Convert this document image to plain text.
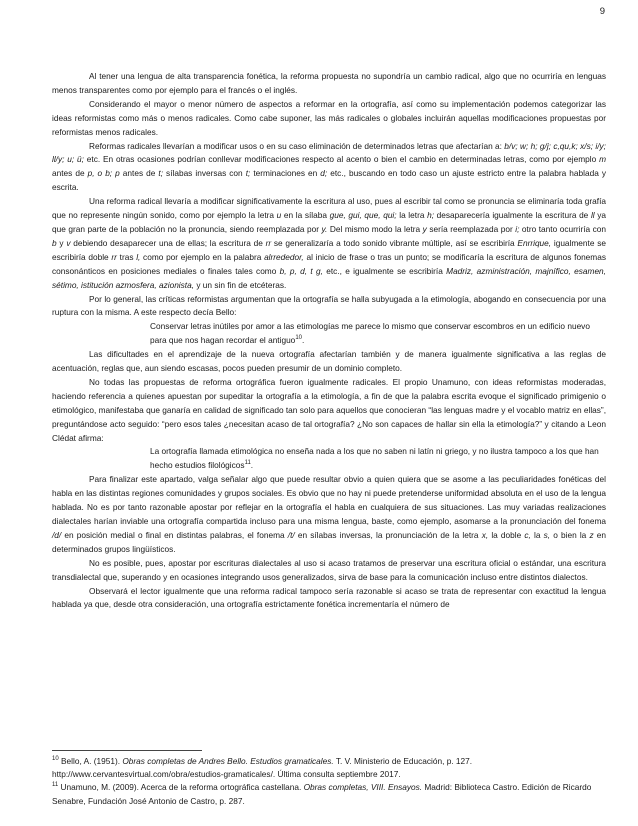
9

Al tener una lengua de alta transparencia fonética, la reforma propuesta no supondría un cambio radical, algo que no ocurriría en lenguas menos transparentes como por ejemplo para el francés o el inglés.

Considerando el mayor o menor número de aspectos a reformar en la ortografía, así como su implementación podemos categorizar las ideas reformistas como más o menos radicales. Como cabe suponer, las más radicales o globales incluirán aquellas modificaciones propuestas por reformistas menos radicales.

Reformas radicales llevarían a modificar usos o en su caso eliminación de determinados letras que afectarían a: b/v; w; h; g/j; c,qu,k; x/s; i/y; ll/y; u; ü; etc. En otras ocasiones podrían conllevar modificaciones respecto al acento o bien el cambio en determinadas letras, como por ejemplo m antes de p, o b; p antes de t; sílabas inversas con t; terminaciones en d; etc., buscando en todo caso un ajuste estricto entre la palabra hablada y escrita.

Una reforma radical llevaría a modificar significativamente la escritura al uso, pues al escribir tal como se pronuncia se eliminaría toda grafía que no represente ningún sonido, como por ejemplo la letra u en la sílaba gue, gui, que, qui; la letra h; desaparecería igualmente la escritura de ll ya que gran parte de la población no la pronuncia, siendo reemplazada por y. Del mismo modo la letra y sería reemplazada por i; otro tanto ocurriría con b y v debiendo desaparecer una de ellas; la escritura de rr se generalizaría a todo sonido vibrante múltiple, así se escribiría Enrrique, igualmente se escribiría doble rr tras l, como por ejemplo en la palabra alrrededor, al inicio de frase o tras un punto; se modificaría la escritura de algunos fonemas consonánticos en posiciones mediales o finales tales como b, p, d, t g, etc., e igualmente se escribiría Madriz, azministración, majnífico, esamen, sétimo, istitución azmosfera, azionista, y un sin fin de etcéteras.

Por lo general, las críticas reformistas argumentan que la ortografía se halla subyugada a la etimología, abogando en consecuencia por una ruptura con la misma. A este respecto decía Bello:

Conservar letras inútiles por amor a las etimologías me parece lo mismo que conservar escombros en un edificio nuevo para que nos hagan recordar el antiguo$^{10}$.

Las dificultades en el aprendizaje de la nueva ortografía afectarían también y de manera igualmente significativa a las reglas de acentuación, reglas que, aun siendo escasas, pocos pueden presumir de un dominio completo.

No todas las propuestas de reforma ortográfica fueron igualmente radicales. El propio Unamuno, con ideas reformistas moderadas, haciendo referencia a quienes apuestan por supeditar la ortografía a la etimología, a fin de que la palabra escrita evoque el significado primigenio o etimológico, manifestaba que ganaría en calidad de significado tan solo para aquellos que conocieran “las lenguas madre y el vocablo matriz en ellas”, preguntándose acto seguido: “pero esos tales ¿necesitan acaso de tal ortografía? ¿No son capaces de hallar sin ella la etimología?” y citando a Leon Clédat afirma:

La ortografía llamada etimológica no enseña nada a los que no saben ni latín ni griego, y no ilustra tampoco a los que han hecho estudios filológicos$^{11}$.

Para finalizar este apartado, valga señalar algo que puede resultar obvio a quien quiera que se asome a las peculiaridades fonéticas del habla en las distintas regiones comunidades y grupos sociales. Es obvio que no hay ni puede pretenderse uniformidad absoluta en el uso de la lengua hablada. No es por tanto razonable apostar por reflejar en la ortografía el habla en cualquiera de sus situaciones. Las muy variadas realizaciones dialectales harían inviable una ortografía compartida incluso para una misma lengua, baste, como ejemplo, asomarse a la pronunciación del fonema /d/ en posición medial o final en distintas palabras, el fonema /t/ en sílabas inversas, la pronunciación de la letra x, la doble c, la s, o bien la z en determinados grupos lingüísticos.

No es posible, pues, apostar por escrituras dialectales al uso si acaso tratamos de preservar una escritura oficial o estándar, una escritura transdialectal que, superando y en ocasiones integrando usos generalizados, sirva de base para la comunicación incluso entre distintos dialectos.

Observará el lector igualmente que una reforma radical tampoco sería razonable si acaso se trata de representar con exactitud la lengua hablada ya que, desde otra consideración, una ortografía estrictamente fonética incrementaría el número de

$^{10}$ Bello, A. (1951). Obras completas de Andres Bello. Estudios gramaticales. T. V. Ministerio de Educación, p. 127. http://www.cervantesvirtual.com/obra/estudios-gramaticales/. Última consulta septiembre 2017.

$^{11}$ Unamuno, M. (2009). Acerca de la reforma ortográfica castellana. Obras completas, VIII. Ensayos. Madrid: Biblioteca Castro. Edición de Ricardo Senabre, Fundación José Antonio de Castro, p. 287.
